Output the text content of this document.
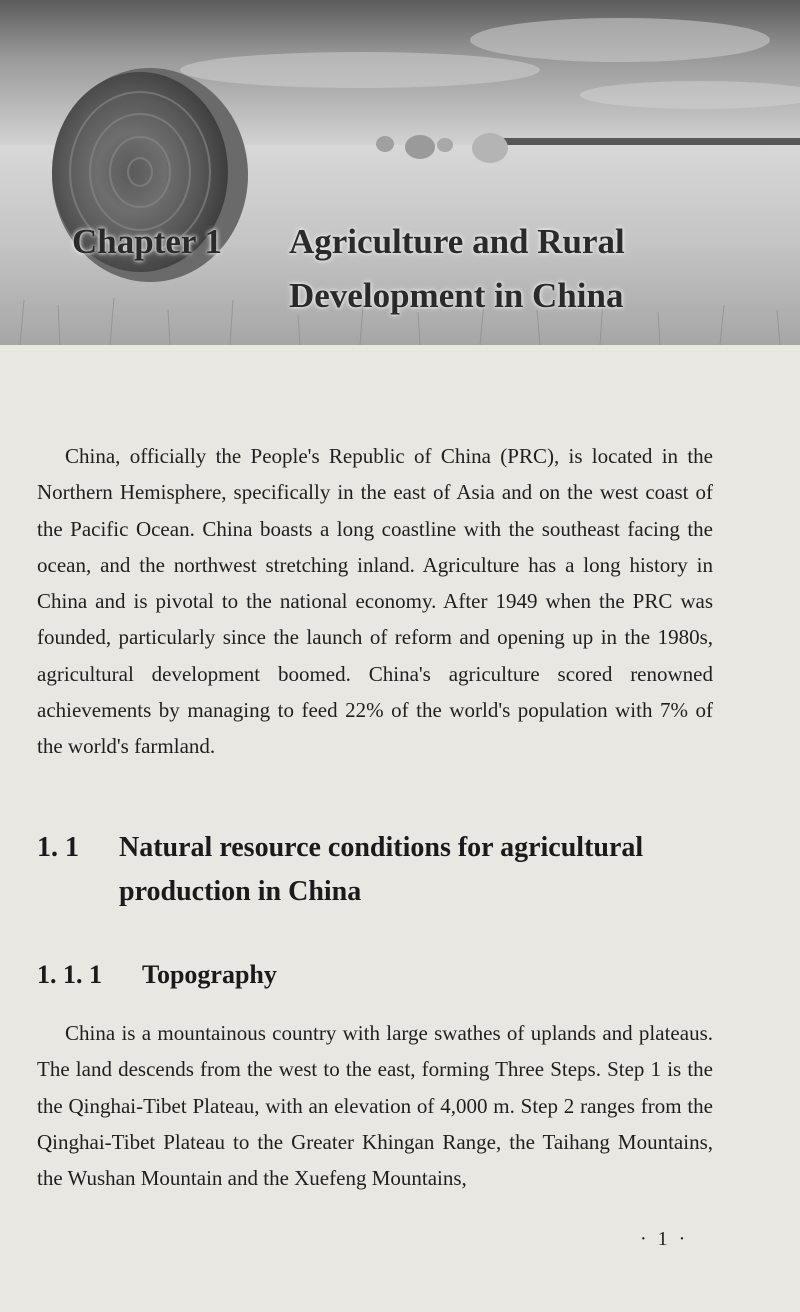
Chapter 1 Agriculture and Rural
Development in China

China, officially the People's Republic of China (PRC), is located in the Northern Hemisphere, specifically in the east of Asia and on the west coast of the Pacific Ocean. China boasts a long coastline with the southeast facing the ocean, and the northwest stretching inland. Agriculture has a long history in China and is pivotal to the national economy. After 1949 when the PRC was founded, particularly since the launch of reform and opening up in the 1980s, agricultural development boomed. China's agriculture scored renowned achievements by managing to feed 22% of the world's population with 7% of the world's farmland.

1. 1 Natural resource conditions for agricultural production in China
1. 1. 1 Topography

China is a mountainous country with large swathes of uplands and plateaus. The land descends from the west to the east, forming Three Steps. Step 1 is the the Qinghai-Tibet Plateau, with an elevation of 4,000 m. Step 2 ranges from the Qinghai-Tibet Plateau to the Greater Khingan Range, the Taihang Mountains, the Wushan Mountain and the Xuefeng Mountains,

· 1 ·
